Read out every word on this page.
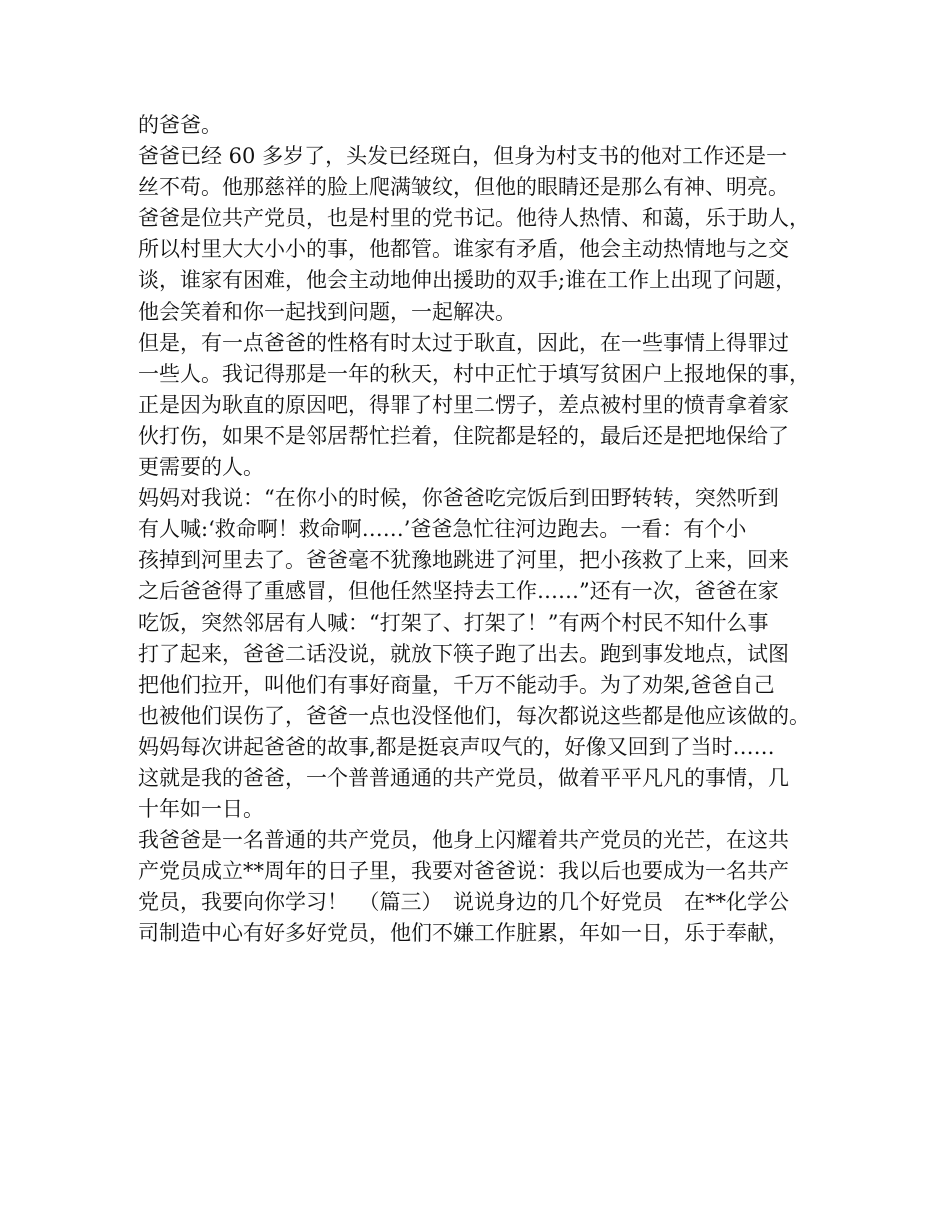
的爸爸。
爸爸已经 60 多岁了，头发已经斑白，但身为村支书的他对工作还是一
丝不苟。他那慈祥的脸上爬满皱纹，但他的眼睛还是那么有神、明亮。
爸爸是位共产党员，也是村里的党书记。他待人热情、和蔼，乐于助人，
所以村里大大小小的事，他都管。谁家有矛盾，他会主动热情地与之交
谈，谁家有困难，他会主动地伸出援助的双手;谁在工作上出现了问题，
他会笑着和你一起找到问题，一起解决。
但是，有一点爸爸的性格有时太过于耿直，因此，在一些事情上得罪过
一些人。我记得那是一年的秋天，村中正忙于填写贫困户上报地保的事，
正是因为耿直的原因吧，得罪了村里二愣子，差点被村里的愤青拿着家
伙打伤，如果不是邻居帮忙拦着，住院都是轻的，最后还是把地保给了
更需要的人。
妈妈对我说：“在你小的时候，你爸爸吃完饭后到田野转转，突然听到
有人喊:‘救命啊！救命啊……’爸爸急忙往河边跑去。一看：有个小
孩掉到河里去了。爸爸毫不犹豫地跳进了河里，把小孩救了上来，回来
之后爸爸得了重感冒，但他任然坚持去工作……”还有一次，爸爸在家
吃饭，突然邻居有人喊：“打架了、打架了！”有两个村民不知什么事
打了起来，爸爸二话没说，就放下筷子跑了出去。跑到事发地点，试图
把他们拉开，叫他们有事好商量，千万不能动手。为了劝架,爸爸自己
也被他们误伤了，爸爸一点也没怪他们，每次都说这些都是他应该做的。
妈妈每次讲起爸爸的故事,都是挺哀声叹气的，好像又回到了当时……
这就是我的爸爸，一个普普通通的共产党员，做着平平凡凡的事情，几
十年如一日。
我爸爸是一名普通的共产党员，他身上闪耀着共产党员的光芒，在这共
产党员成立**周年的日子里，我要对爸爸说：我以后也要成为一名共产
党员，我要向你学习！　（篇三）　说说身边的几个好党员　在**化学公
司制造中心有好多好党员，他们不嫌工作脏累，年如一日，乐于奉献，
